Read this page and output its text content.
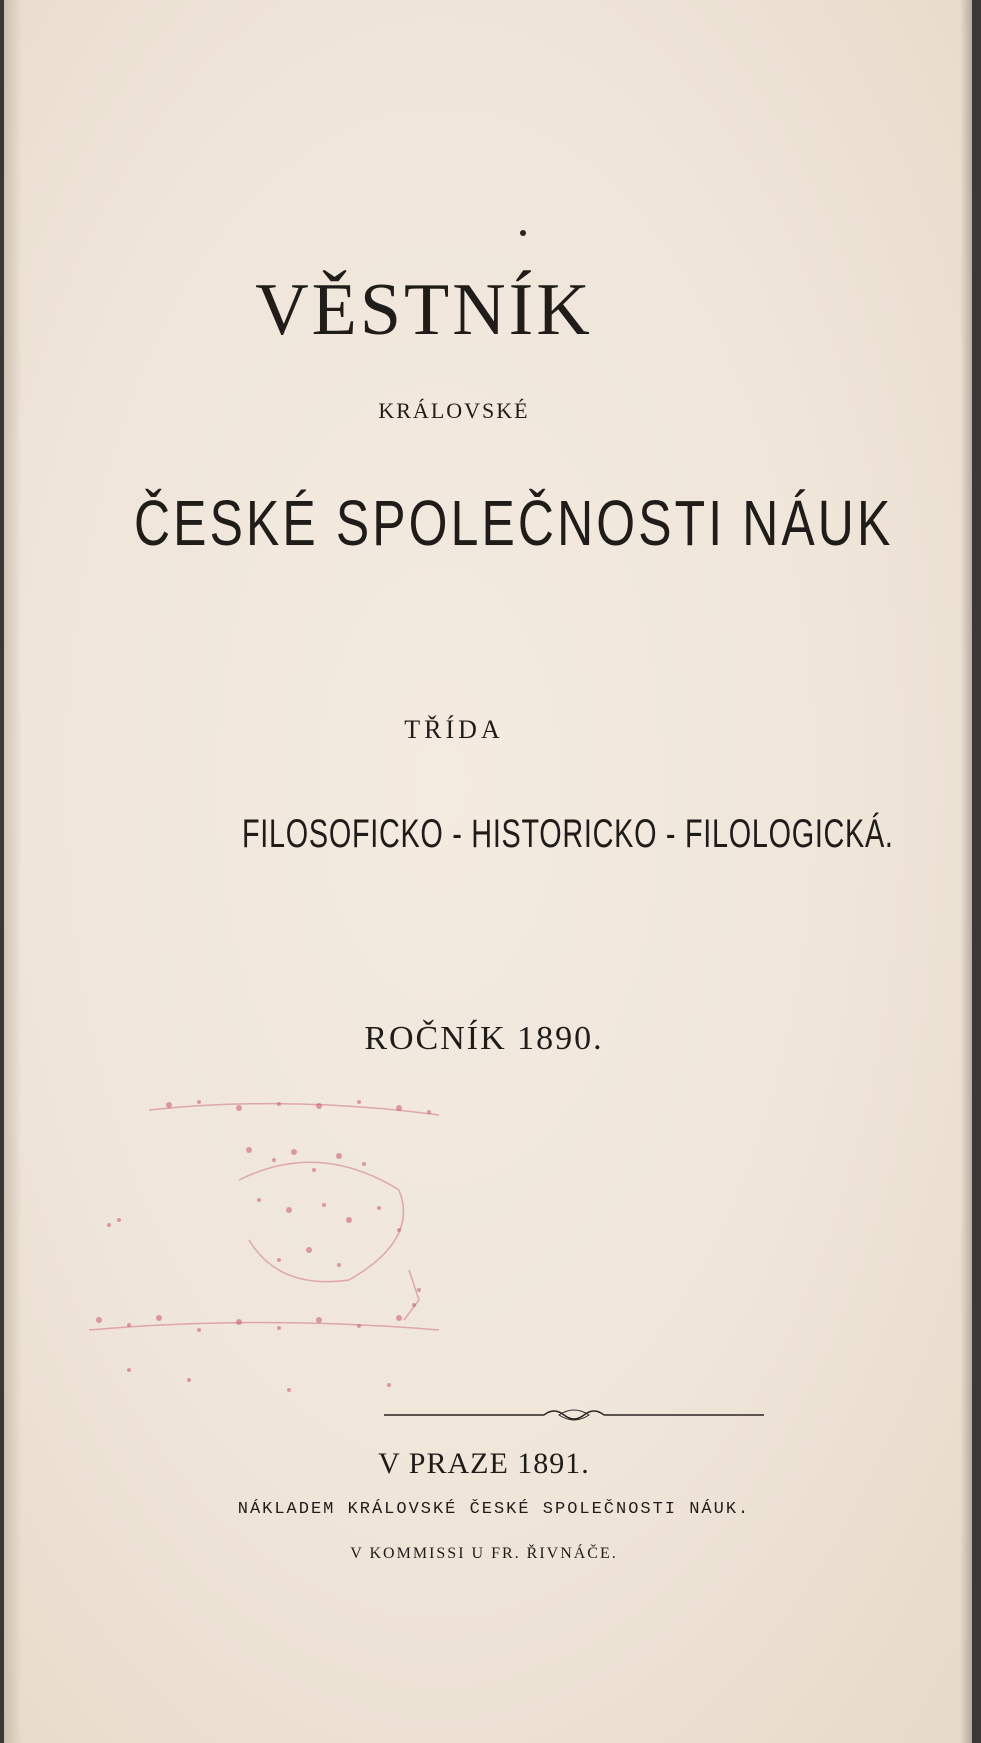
VĚSTNÍK
KRÁLOVSKÉ
ČESKÉ SPOLEČNOSTI NÁUK
TŘÍDA
FILOSOFICKO - HISTORICKO - FILOLOGICKÁ.
ROČNÍK 1890.
V PRAZE 1891.
NÁKLADEM KRÁLOVSKÉ ČESKÉ SPOLEČNOSTI NÁUK.
V KOMMISSI U FR. ŘIVNÁČE.
